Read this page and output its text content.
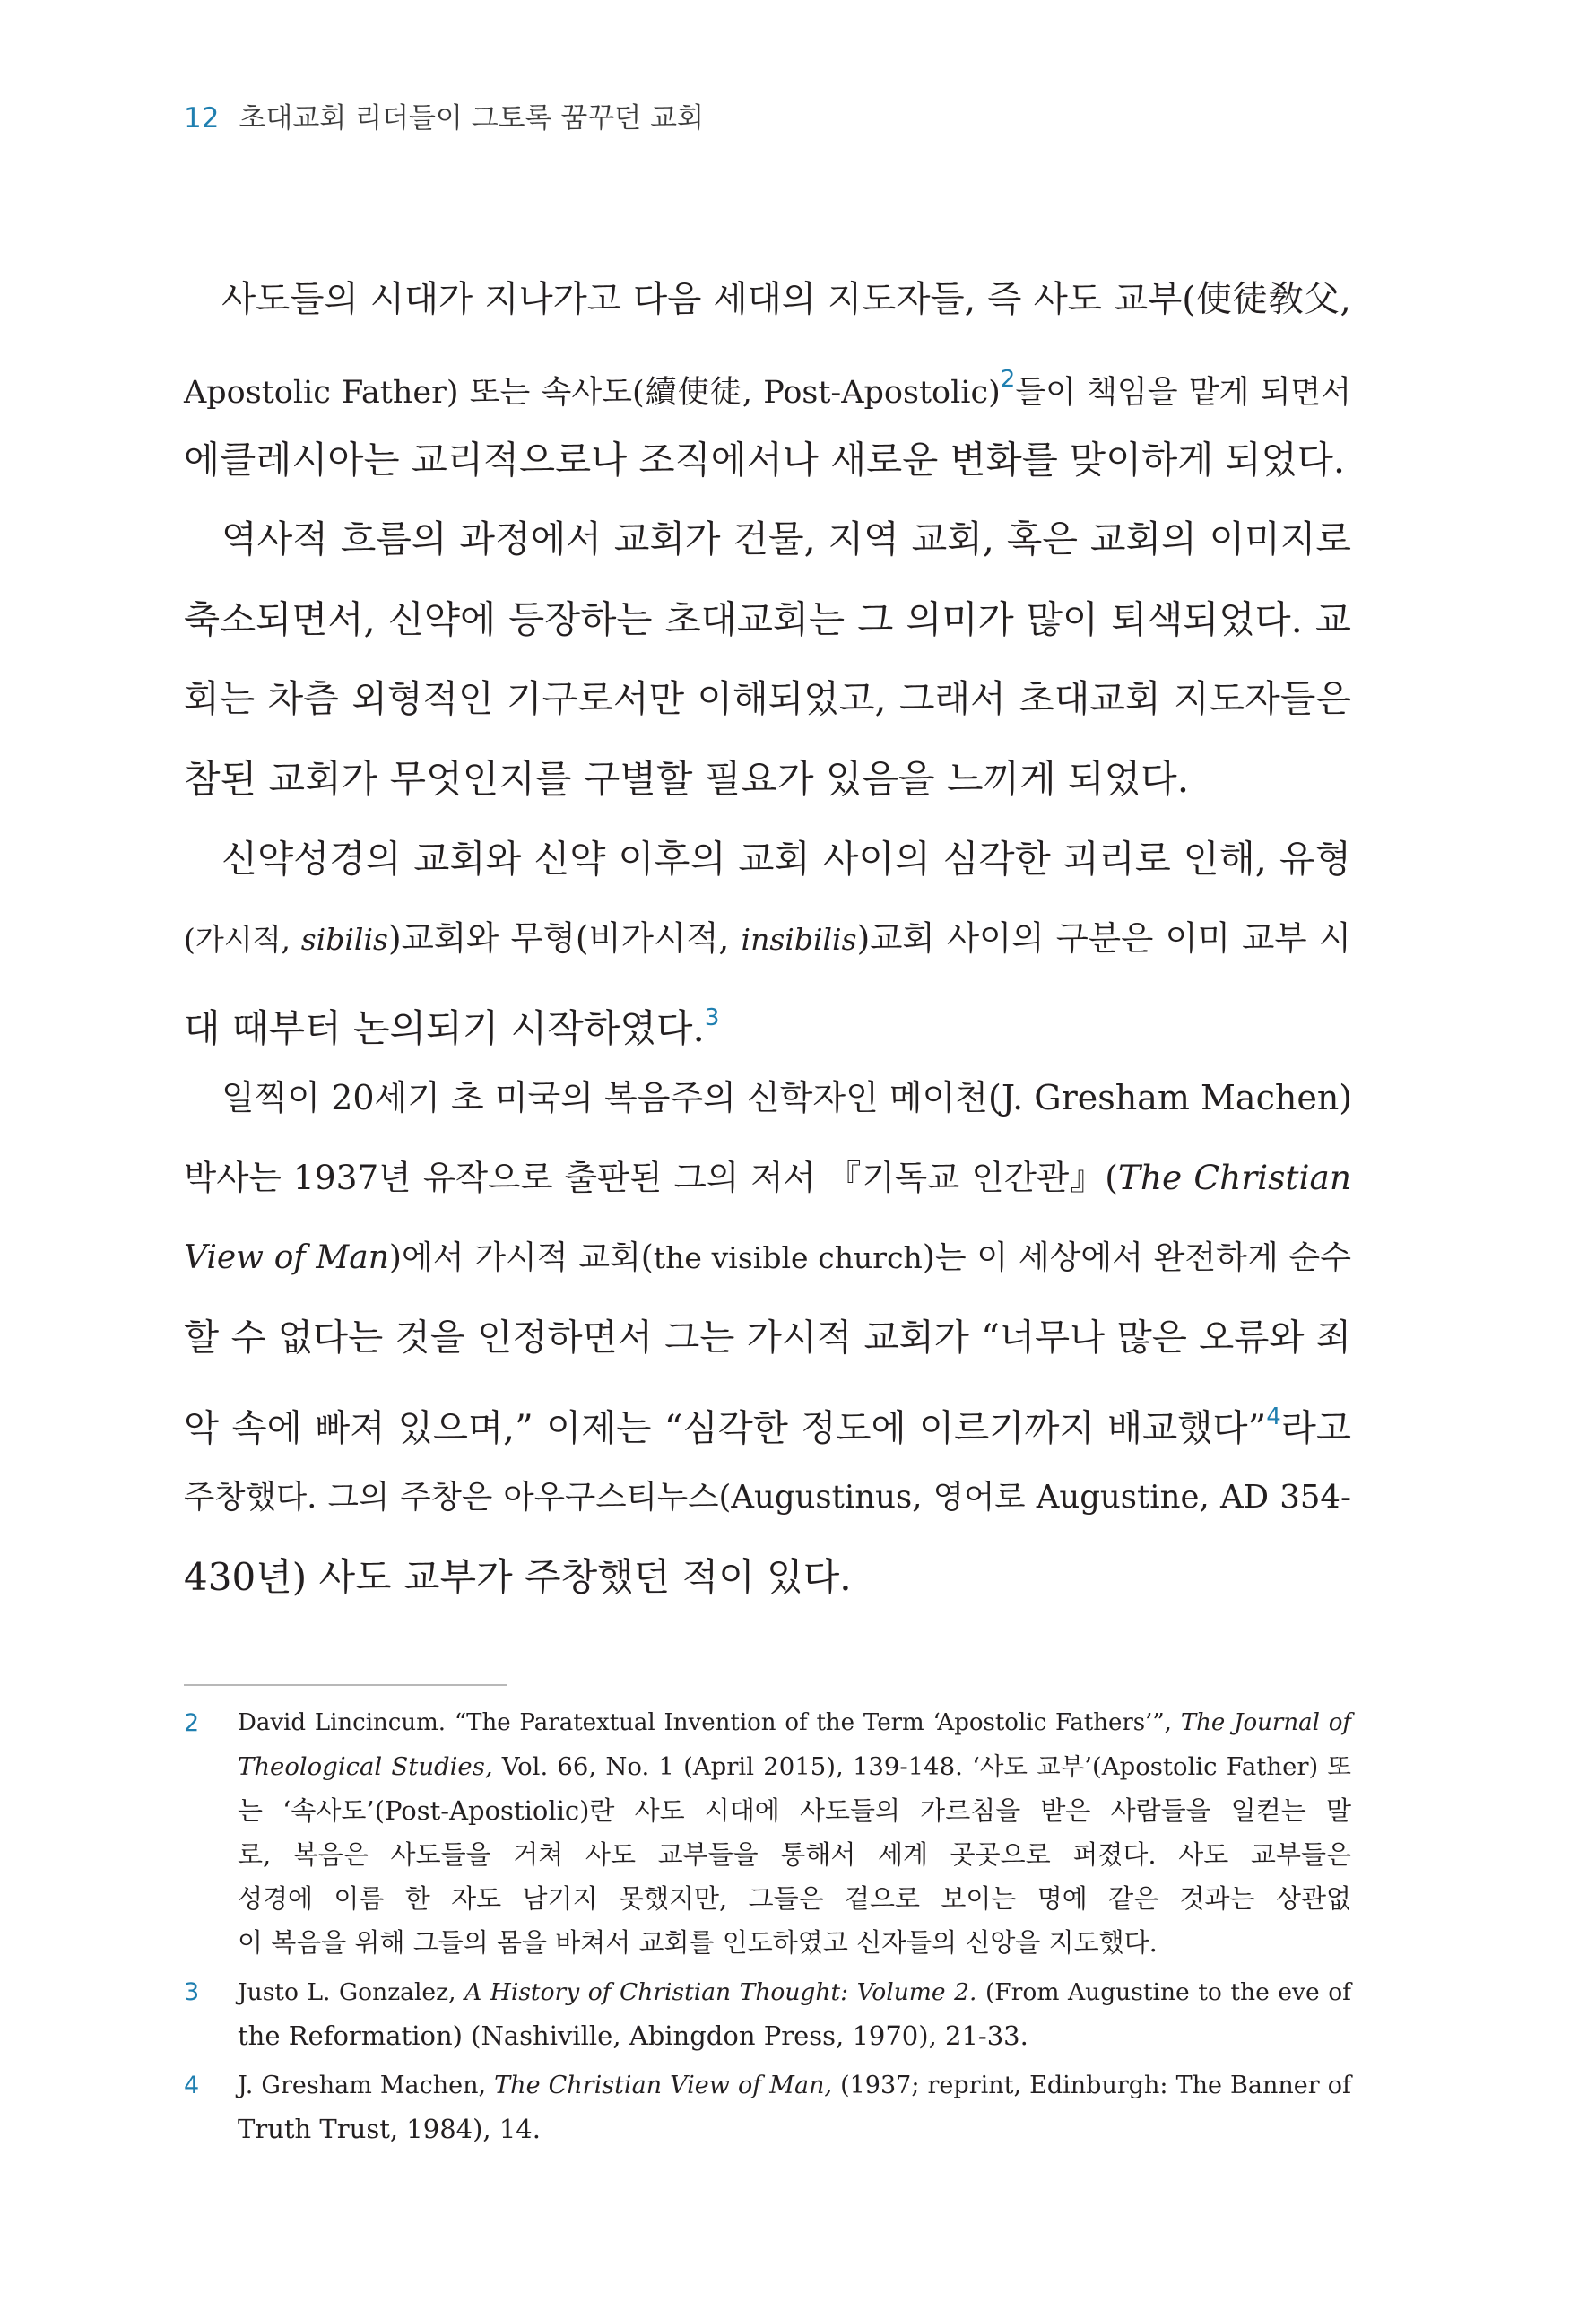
12 초대교회 리더들이 그토록 꿈꾸던 교회
사도들의 시대가 지나가고 다음 세대의 지도자들, 즉 사도 교부(使徒敎父,
Apostolic Father) 또는 속사도(續使徒, Post-Apostolic)$^2$들이 책임을 맡게 되면서
에클레시아는 교리적으로나 조직에서나 새로운 변화를 맞이하게 되었다.
역사적 흐름의 과정에서 교회가 건물, 지역 교회, 혹은 교회의 이미지로
축소되면서, 신약에 등장하는 초대교회는 그 의미가 많이 퇴색되었다. 교
회는 차츰 외형적인 기구로서만 이해되었고, 그래서 초대교회 지도자들은
참된 교회가 무엇인지를 구별할 필요가 있음을 느끼게 되었다.
신약성경의 교회와 신약 이후의 교회 사이의 심각한 괴리로 인해, 유형
(가시적, sibilis)교회와 무형(비가시적, insibilis)교회 사이의 구분은 이미 교부 시
대 때부터 논의되기 시작하였다.$^3$
일찍이 20세기 초 미국의 복음주의 신학자인 메이천(J. Gresham Machen)
박사는 1937년 유작으로 출판된 그의 저서 『기독교 인간관』(The Christian
View of Man)에서 가시적 교회(the visible church)는 이 세상에서 완전하게 순수
할 수 없다는 것을 인정하면서 그는 가시적 교회가 “너무나 많은 오류와 죄
악 속에 빠져 있으며,” 이제는 “심각한 정도에 이르기까지 배교했다”$^4$라고
주창했다. 그의 주창은 아우구스티누스(Augustinus, 영어로 Augustine, AD 354-
430년) 사도 교부가 주창했던 적이 있다.
2 David Lincincum. “The Paratextual Invention of the Term ‘Apostolic Fathers’”, The Journal of
Theological Studies, Vol. 66, No. 1 (April 2015), 139-148. ‘사도 교부’(Apostolic Father) 또
는 ‘속사도’(Post-Apostiolic)란 사도 시대에 사도들의 가르침을 받은 사람들을 일컫는 말
로, 복음은 사도들을 거쳐 사도 교부들을 통해서 세계 곳곳으로 퍼졌다. 사도 교부들은
성경에 이름 한 자도 남기지 못했지만, 그들은 겉으로 보이는 명예 같은 것과는 상관없
이 복음을 위해 그들의 몸을 바쳐서 교회를 인도하였고 신자들의 신앙을 지도했다.
3 Justo L. Gonzalez, A History of Christian Thought: Volume 2. (From Augustine to the eve of
the Reformation) (Nashiville, Abingdon Press, 1970), 21-33.
4 J. Gresham Machen, The Christian View of Man, (1937; reprint, Edinburgh: The Banner of
Truth Trust, 1984), 14.
